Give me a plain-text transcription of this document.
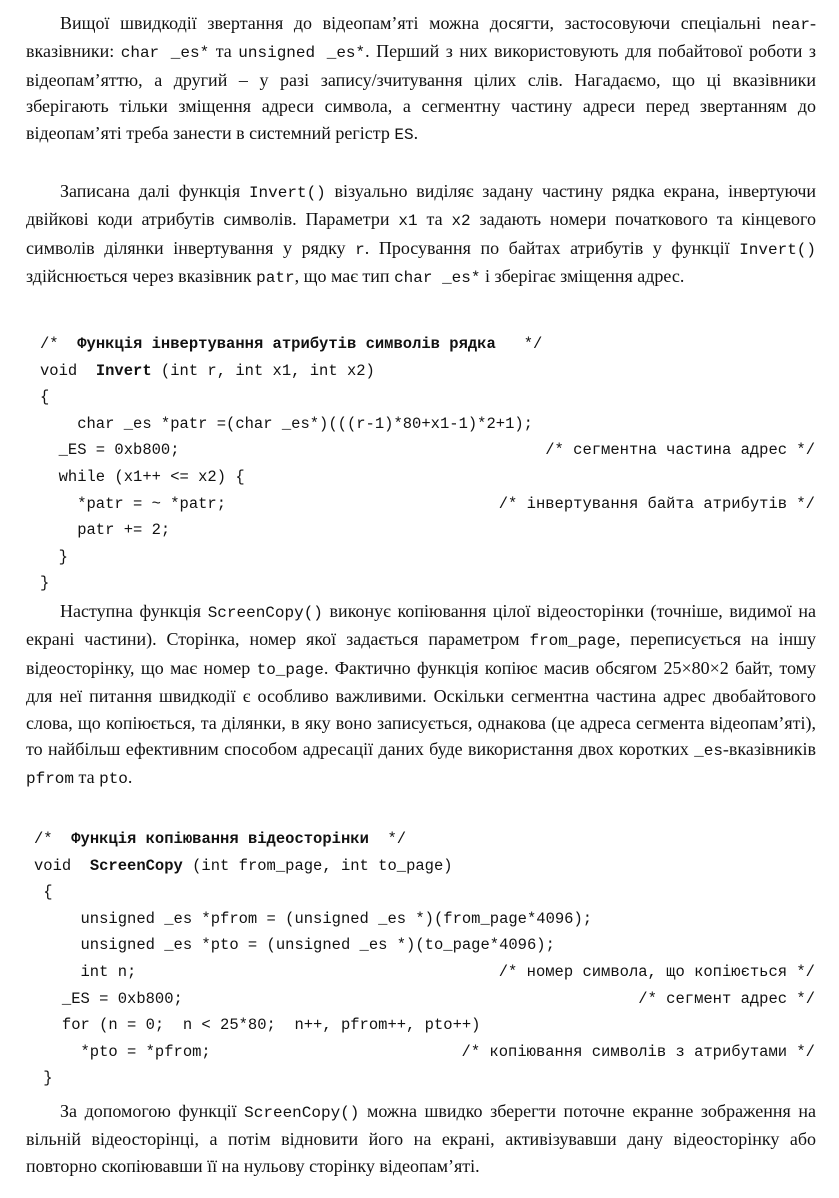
Вищої швидкодії звертання до відеопам’яті можна досягти, застосовуючи спеціальні near-вказівники: char _es* та unsigned _es*. Перший з них використовують для побайтової роботи з відеопам’яттю, а другий – у разі запису/зчитування цілих слів. Нагадаємо, що ці вказівники зберігають тільки зміщення адреси символа, а сегментну частину адреси перед звертанням до відеопам’яті треба занести в системний регістр ES.

Записана далі функція Invert() візуально виділяє задану частину рядка екрана, інвертуючи двійкові коди атрибутів символів. Параметри x1 та x2 задають номери початкового та кінцевого символів ділянки інвертування у рядку r. Просування по байтах атрибутів у функції Invert() здійснюється через вказівник patr, що має тип char _es* і зберігає зміщення адрес.

/*  Функція інвертування атрибутів символів рядка   */
void  Invert (int r, int x1, int x2)
{
char _es *patr =(char _es*)(((r-1)*80+x1-1)*2+1);
_ES = 0xb800;	/* сегментна частина адрес */
while (x1++ <= x2) {
*patr = ~ *patr;	/* інвертування байта атрибутів */
patr += 2;
}
}

Наступна функція ScreenCopy() виконує копіювання цілої відеосторінки (точніше, видимої на екрані частини). Сторінка, номер якої задається параметром from_page, переписується на іншу відеосторінку, що має номер to_page. Фактично функція копіює масив обсягом 25×80×2 байт, тому для неї питання швидкодії є особливо важливими. Оскільки сегментна частина адрес двобайтового слова, що копіюється, та ділянки, в яку воно записується, однакова (це адреса сегмента відеопам’яті), то найбільш ефективним способом адресації даних буде використання двох коротких _es-вказівників pfrom та pto.

/*  Функція копіювання відеосторінки  */
void  ScreenCopy (int from_page, int to_page)
{
unsigned _es *pfrom = (unsigned _es *)(from_page*4096);
unsigned _es *pto = (unsigned _es *)(to_page*4096);
int n;	/* номер символа, що копіюється */
_ES = 0xb800;	/* сегмент адрес */
for (n = 0;  n < 25*80;  n++, pfrom++, pto++)
*pto = *pfrom;	/* копіювання символів з атрибутами */
}

За допомогою функції ScreenCopy() можна швидко зберегти поточне екранне зображення на вільній відеосторінці, а потім відновити його на екрані, активізувавши дану відеосторінку або повторно скопіювавши її на нульову сторінку відеопам’яті.
